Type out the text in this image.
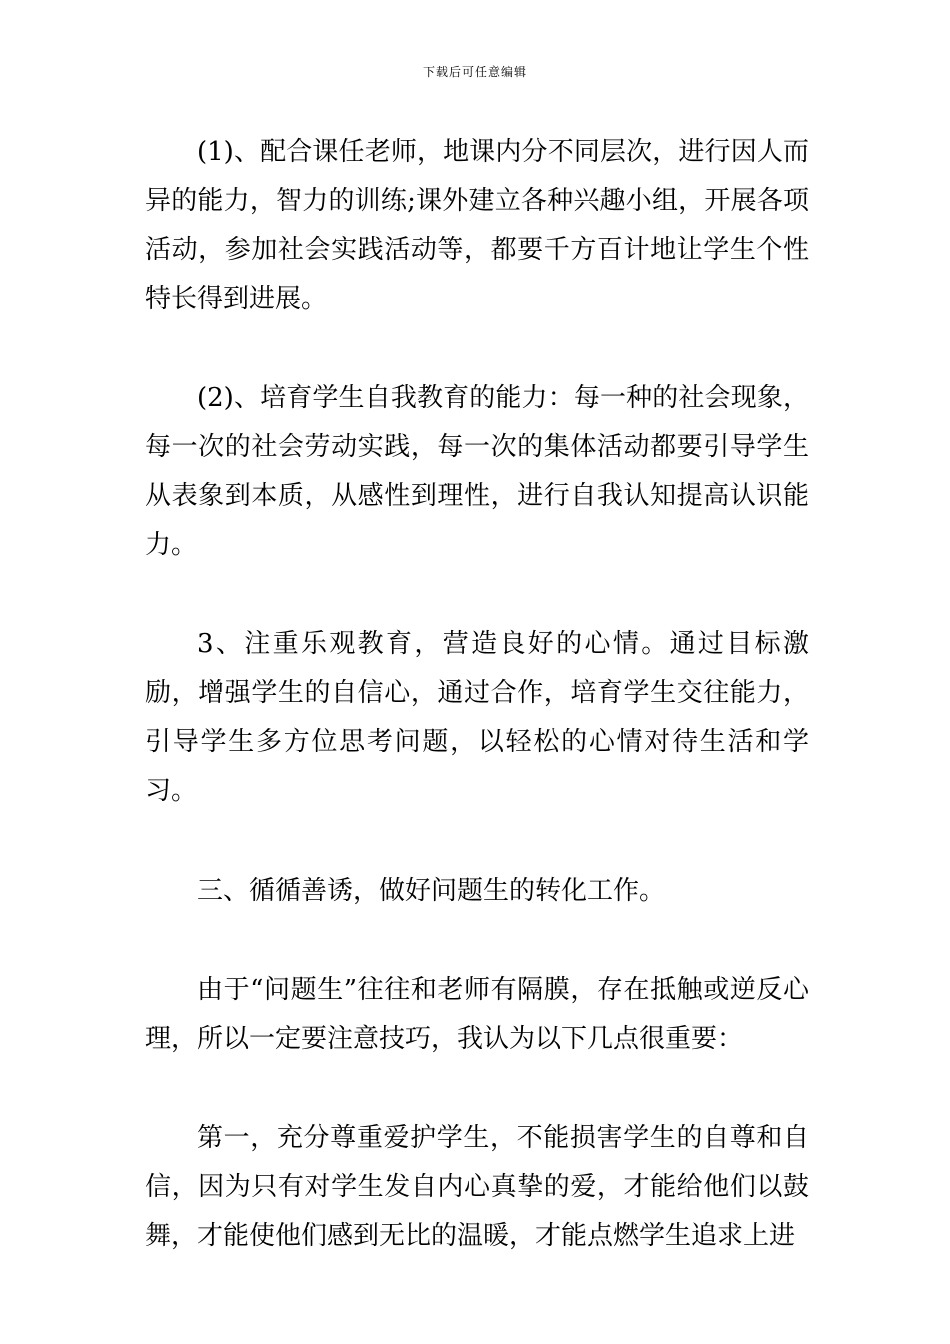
下载后可任意编辑

(1)、配合课任老师，地课内分不同层次，进行因人而异的能力，智力的训练;课外建立各种兴趣小组，开展各项活动，参加社会实践活动等，都要千方百计地让学生个性特长得到进展。

(2)、培育学生自我教育的能力：每一种的社会现象，每一次的社会劳动实践，每一次的集体活动都要引导学生从表象到本质，从感性到理性，进行自我认知提高认识能力。

3、注重乐观教育，营造良好的心情。通过目标激励，增强学生的自信心，通过合作，培育学生交往能力，引导学生多方位思考问题，以轻松的心情对待生活和学习。

三、循循善诱，做好问题生的转化工作。

由于“问题生”往往和老师有隔膜，存在抵触或逆反心理，所以一定要注意技巧，我认为以下几点很重要：

第一，充分尊重爱护学生，不能损害学生的自尊和自信，因为只有对学生发自内心真挚的爱，才能给他们以鼓舞，才能使他们感到无比的温暖，才能点燃学生追求上进
